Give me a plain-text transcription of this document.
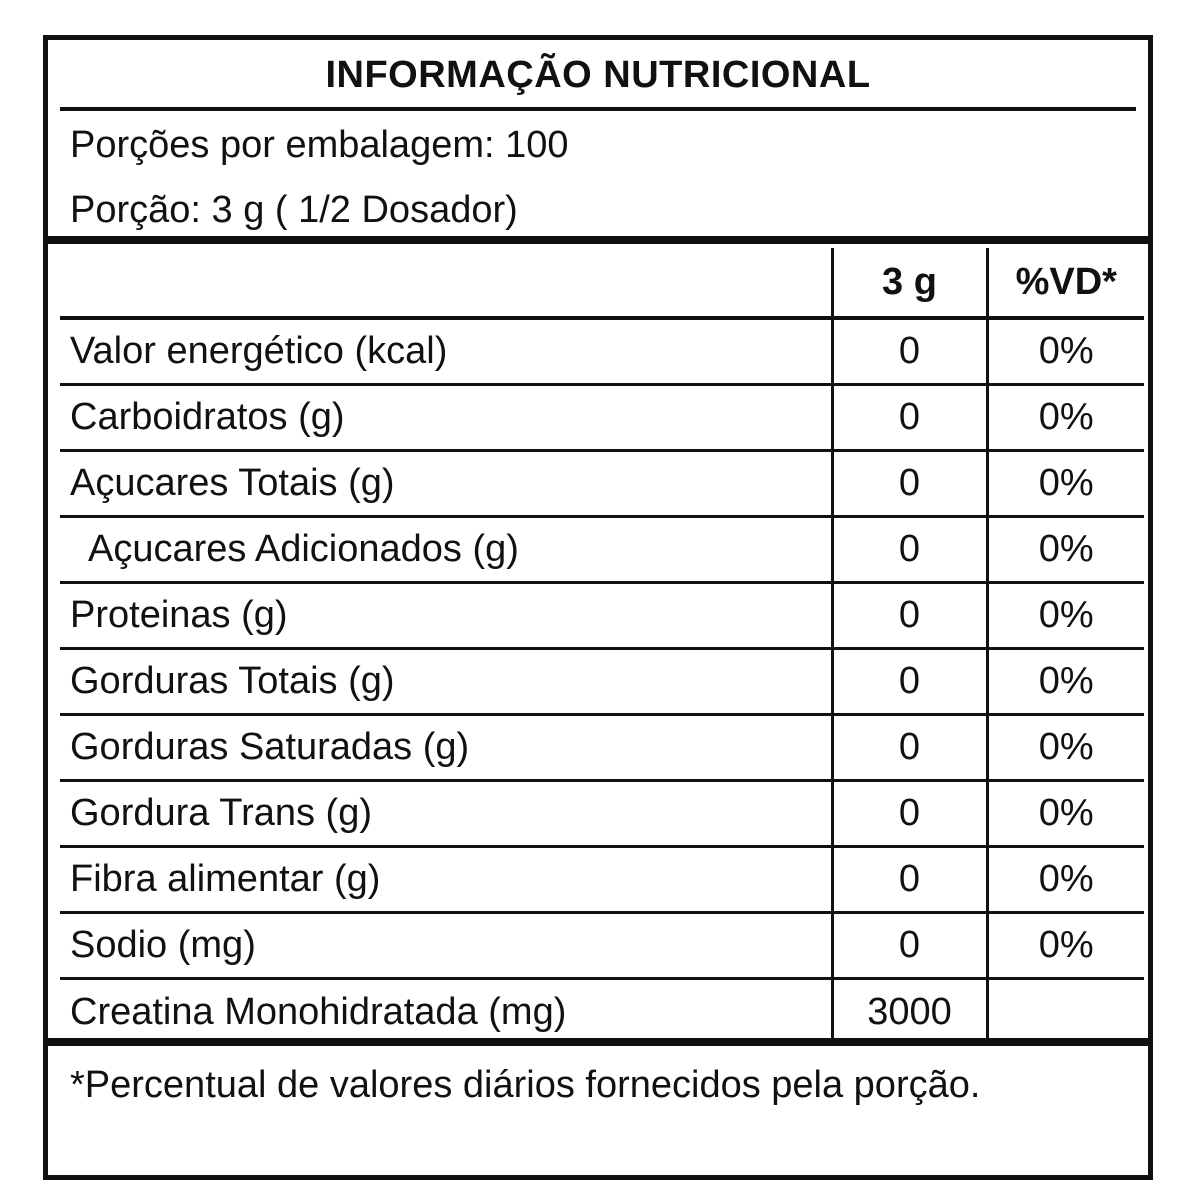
INFORMAÇÃO NUTRICIONAL
Porções por embalagem: 100
Porção: 3 g ( 1/2 Dosador)
	3 g	%VD*
Valor energético (kcal)	0	0%
Carboidratos (g)	0	0%
Açucares Totais (g)	0	0%
Açucares Adicionados (g)	0	0%
Proteinas (g)	0	0%
Gorduras Totais (g)	0	0%
Gorduras Saturadas (g)	0	0%
Gordura Trans (g)	0	0%
Fibra alimentar (g)	0	0%
Sodio (mg)	0	0%
Creatina Monohidratada (mg)	3000	
*Percentual de valores diários fornecidos pela porção.
